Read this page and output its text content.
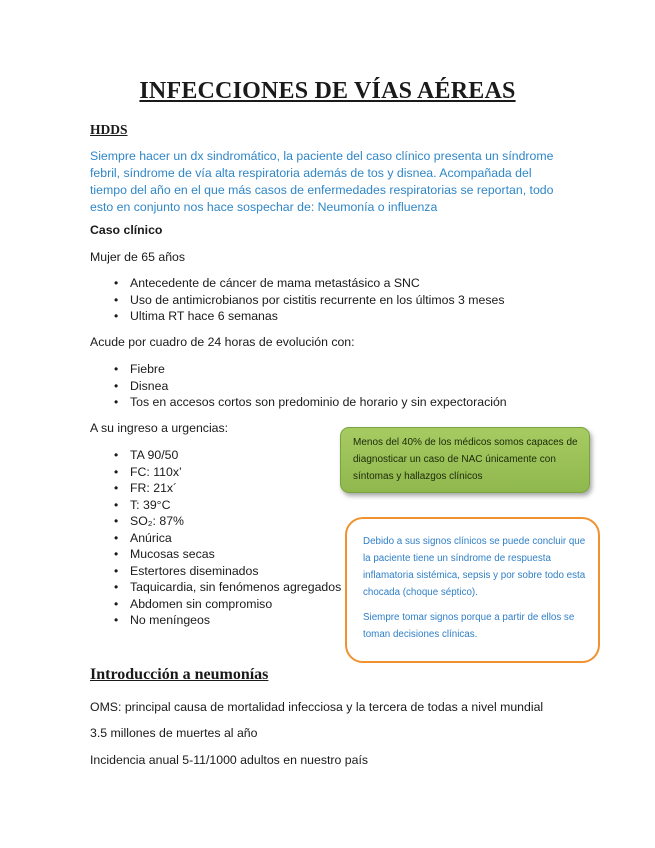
INFECCIONES DE VÍAS AÉREAS
HDDS
Siempre hacer un dx sindromático, la paciente del caso clínico presenta un síndrome febril, síndrome de vía alta respiratoria además de tos y disnea. Acompañada del tiempo del año en el que más casos de enfermedades respiratorias se reportan, todo esto en conjunto nos hace sospechar de: Neumonía o influenza
Caso clínico
Mujer de 65 años
• Antecedente de cáncer de mama metastásico a SNC
• Uso de antimicrobianos por cistitis recurrente en los últimos 3 meses
• Ultima RT hace 6 semanas
Acude por cuadro de 24 horas de evolución con:
• Fiebre
• Disnea
• Tos en accesos cortos son predominio de horario y sin expectoración
A su ingreso a urgencias:
• TA 90/50
• FC: 110x’
• FR: 21x´
• T: 39°C
• SO₂: 87%
• Anúrica
• Mucosas secas
• Estertores diseminados
• Taquicardia, sin fenómenos agregados
• Abdomen sin compromiso
• No meníngeos
Menos del 40% de los médicos somos capaces de diagnosticar un caso de NAC únicamente con síntomas y hallazgos clínicos
Debido a sus signos clínicos se puede concluir que la paciente tiene un síndrome de respuesta inflamatoria sistémica, sepsis y por sobre todo esta chocada (choque séptico).
Siempre tomar signos porque a partir de ellos se toman decisiones clínicas.
Introducción a neumonías
OMS: principal causa de mortalidad infecciosa y la tercera de todas a nivel mundial
3.5 millones de muertes al año
Incidencia anual 5-11/1000 adultos en nuestro país
